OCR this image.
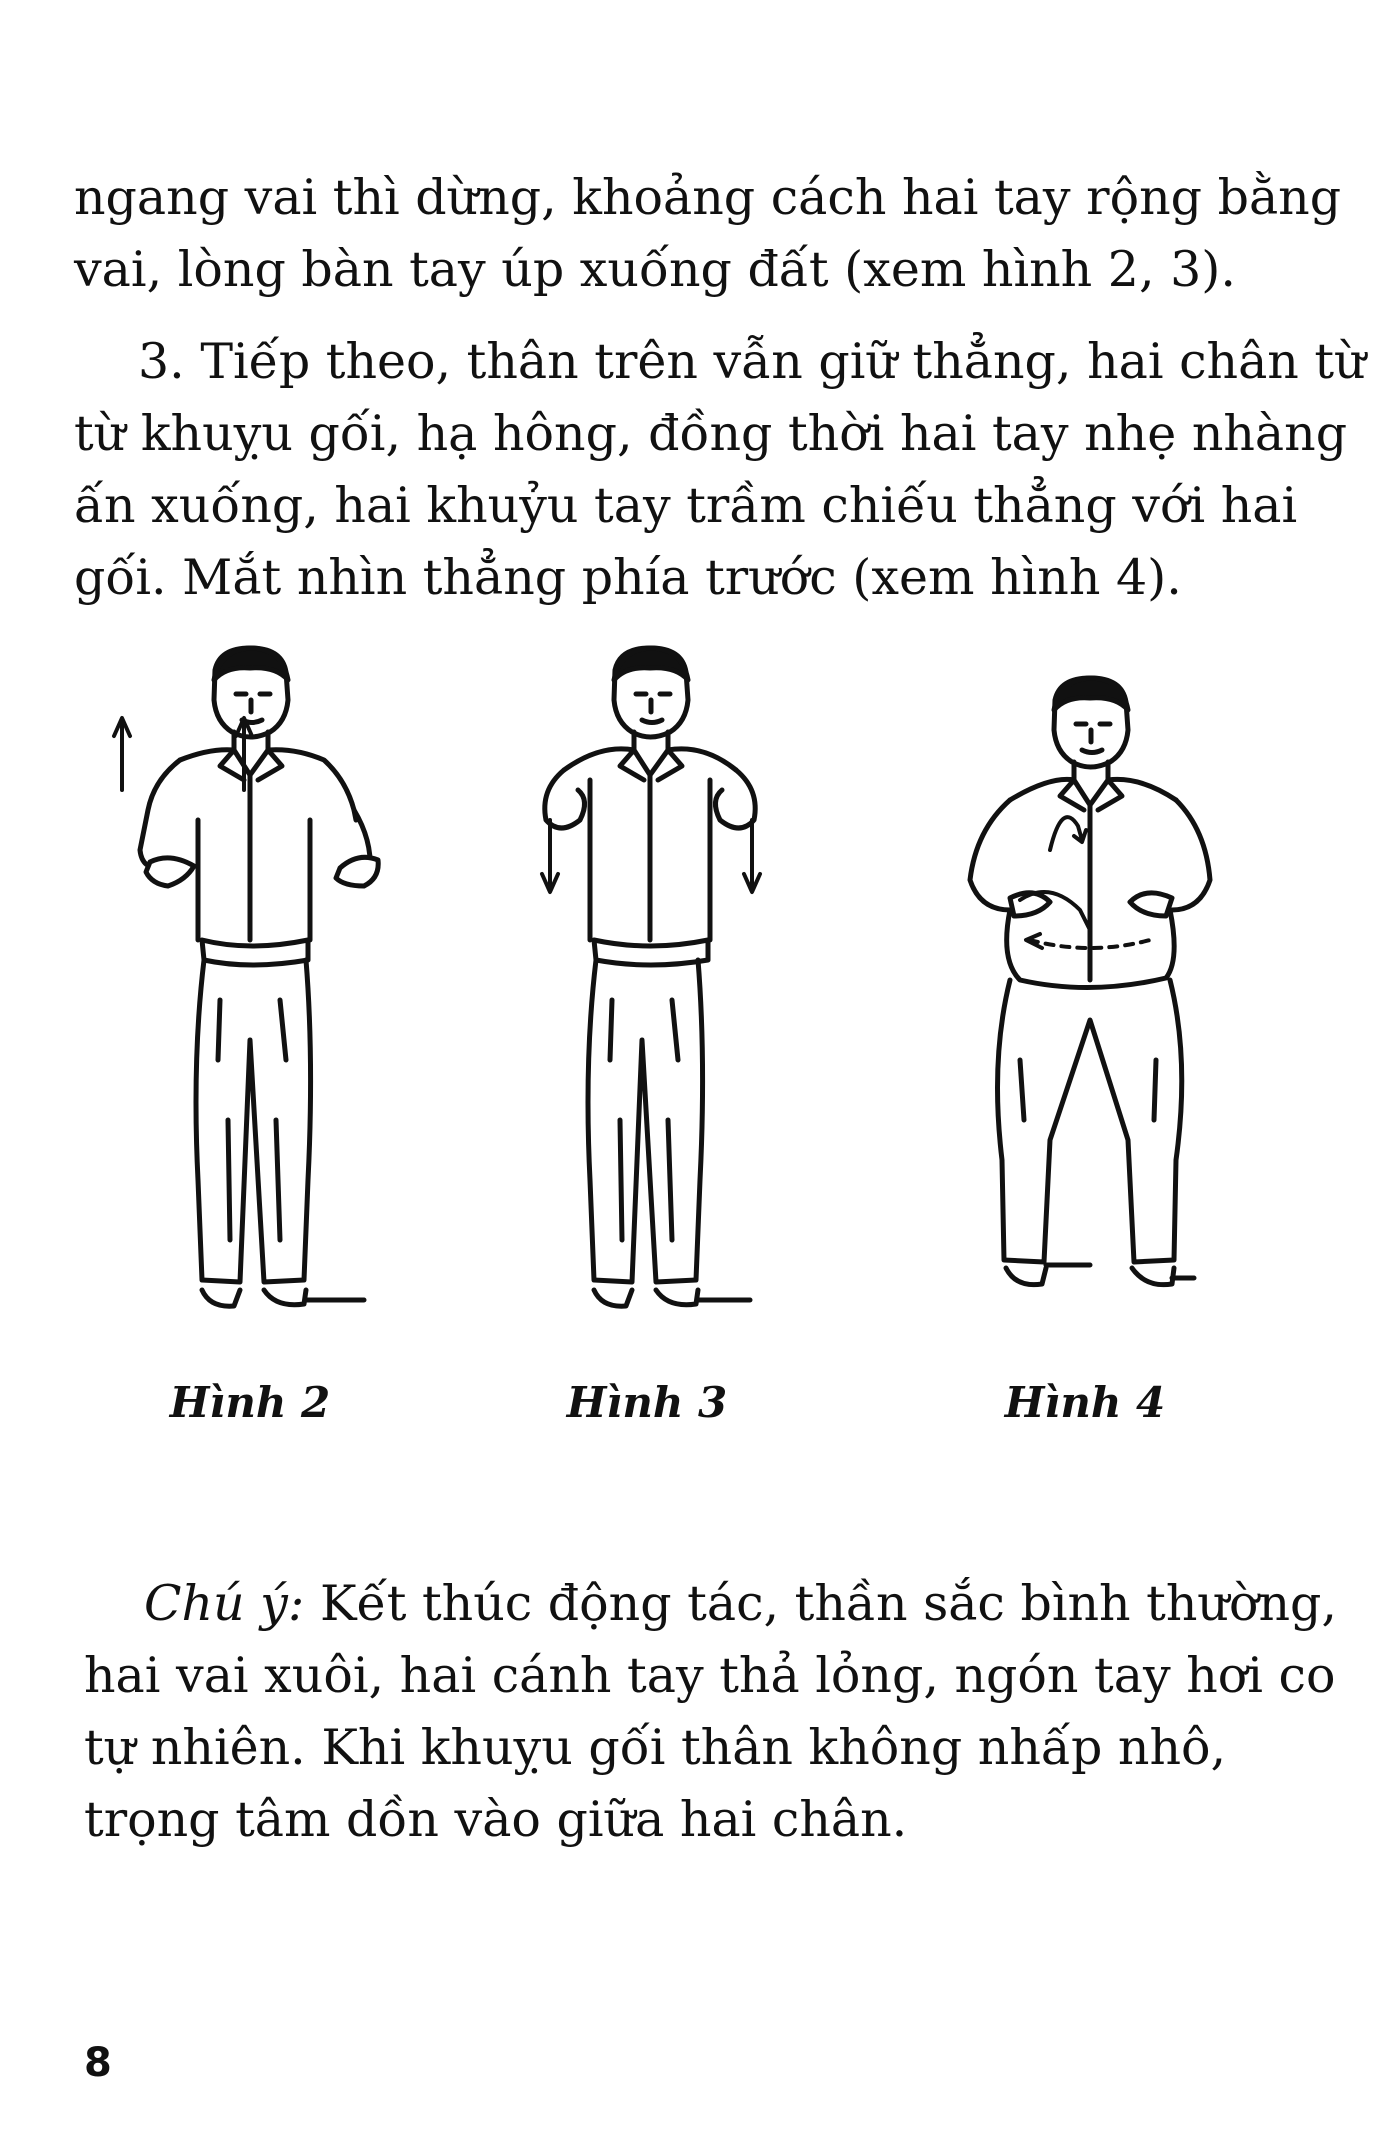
ngang vai thì dừng, khoảng cách hai tay rộng bằng
vai, lòng bàn tay úp xuống đất (xem hình 2, 3).

3. Tiếp theo, thân trên vẫn giữ thẳng, hai chân từ
từ khuỵu gối, hạ hông, đồng thời hai tay nhẹ nhàng
ấn xuống, hai khuỷu tay trầm chiếu thẳng với hai
gối. Mắt nhìn thẳng phía trước (xem hình 4).

Hình 2	Hình 3	Hình 4

Chú ý: Kết thúc động tác, thần sắc bình thường,
hai vai xuôi, hai cánh tay thả lỏng, ngón tay hơi co
tự nhiên. Khi khuỵu gối thân không nhấp nhô,
trọng tâm dồn vào giữa hai chân.

8
